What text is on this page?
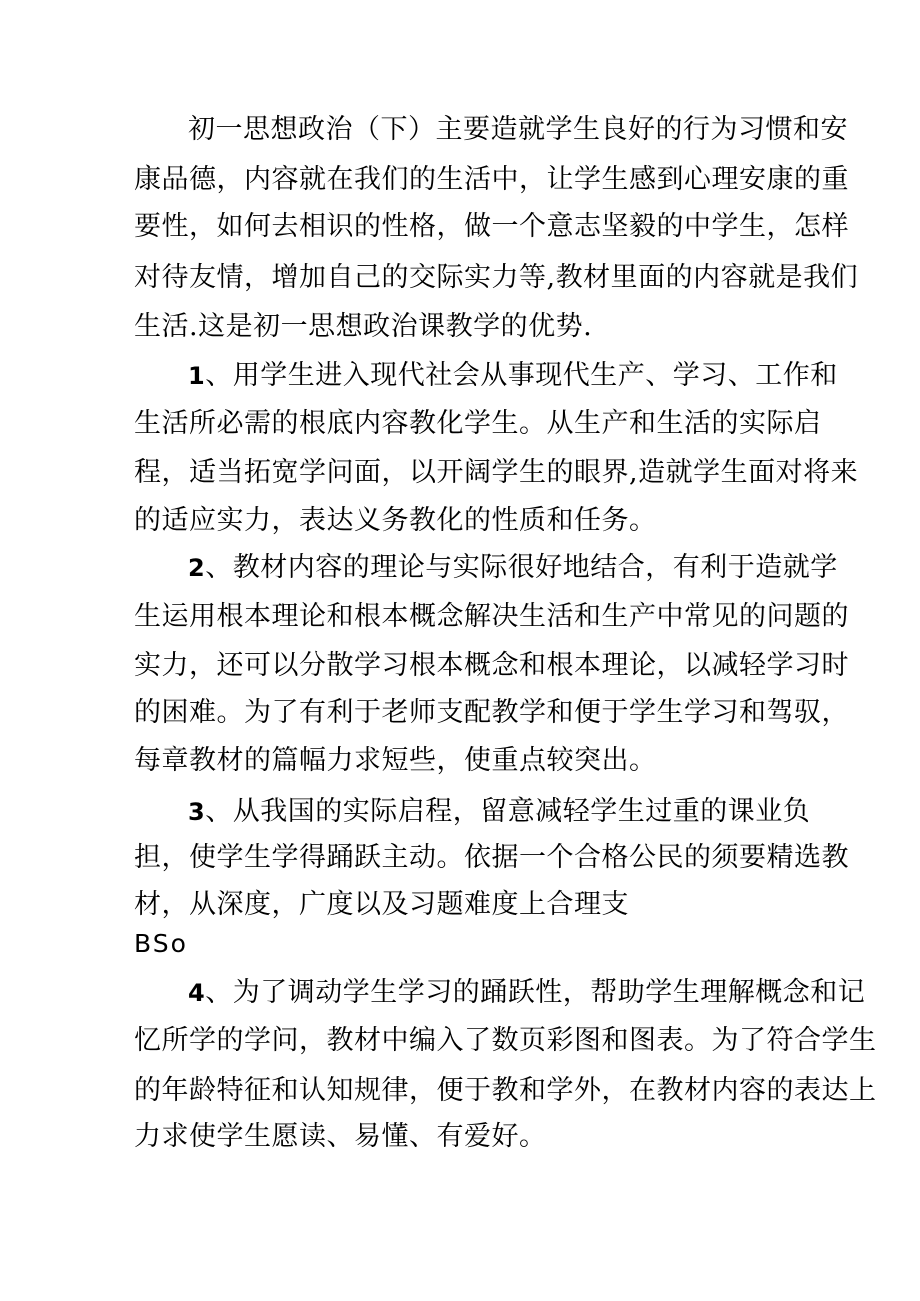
初一思想政治（下）主要造就学生良好的行为习惯和安

康品德，内容就在我们的生活中，让学生感到心理安康的重

要性，如何去相识的性格，做一个意志坚毅的中学生，怎样

对待友情，增加自己的交际实力等,教材里面的内容就是我们

生活.这是初一思想政治课教学的优势.

1、用学生进入现代社会从事现代生产、学习、工作和

生活所必需的根底内容教化学生。从生产和生活的实际启

程，适当拓宽学问面，以开阔学生的眼界,造就学生面对将来

的适应实力，表达义务教化的性质和任务。

2、教材内容的理论与实际很好地结合，有利于造就学

生运用根本理论和根本概念解决生活和生产中常见的问题的

实力，还可以分散学习根本概念和根本理论，以减轻学习时

的困难。为了有利于老师支配教学和便于学生学习和驾驭，

每章教材的篇幅力求短些，使重点较突出。

3、从我国的实际启程，留意减轻学生过重的课业负

担，使学生学得踊跃主动。依据一个合格公民的须要精选教

材，从深度，广度以及习题难度上合理支

BSo

4、为了调动学生学习的踊跃性，帮助学生理解概念和记

忆所学的学问，教材中编入了数页彩图和图表。为了符合学生

的年龄特征和认知规律，便于教和学外，在教材内容的表达上

力求使学生愿读、易懂、有爱好。
